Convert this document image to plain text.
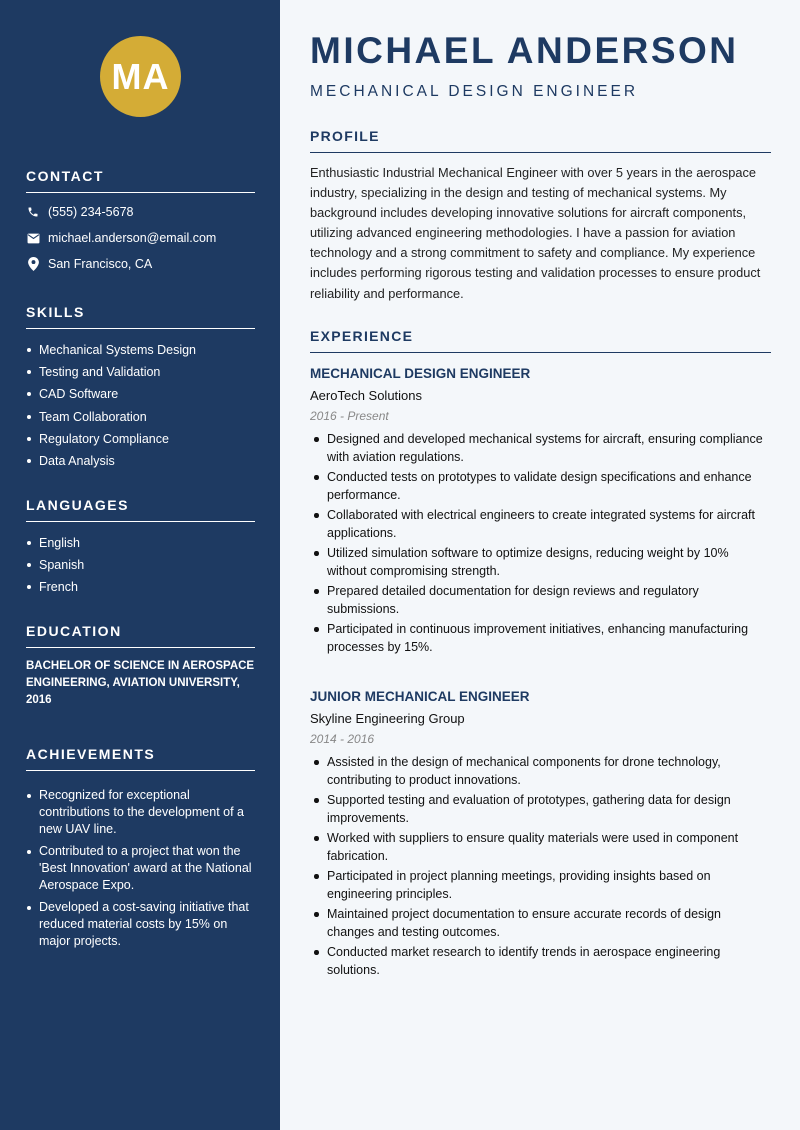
MA
CONTACT
(555) 234-5678
michael.anderson@email.com
San Francisco, CA
SKILLS
Mechanical Systems Design
Testing and Validation
CAD Software
Team Collaboration
Regulatory Compliance
Data Analysis
LANGUAGES
English
Spanish
French
EDUCATION

BACHELOR OF SCIENCE IN AEROSPACE ENGINEERING, AVIATION UNIVERSITY, 2016

ACHIEVEMENTS
Recognized for exceptional contributions to the development of a new UAV line.
Contributed to a project that won the 'Best Innovation' award at the National Aerospace Expo.
Developed a cost-saving initiative that reduced material costs by 15% on major projects.
MICHAEL ANDERSON
MECHANICAL DESIGN ENGINEER
PROFILE

Enthusiastic Industrial Mechanical Engineer with over 5 years in the aerospace industry, specializing in the design and testing of mechanical systems. My background includes developing innovative solutions for aircraft components, utilizing advanced engineering methodologies. I have a passion for aviation technology and a strong commitment to safety and compliance. My experience includes performing rigorous testing and validation processes to ensure product reliability and performance.

EXPERIENCE
MECHANICAL DESIGN ENGINEER
AeroTech Solutions
2016 - Present
Designed and developed mechanical systems for aircraft, ensuring compliance with aviation regulations.
Conducted tests on prototypes to validate design specifications and enhance performance.
Collaborated with electrical engineers to create integrated systems for aircraft applications.
Utilized simulation software to optimize designs, reducing weight by 10% without compromising strength.
Prepared detailed documentation for design reviews and regulatory submissions.
Participated in continuous improvement initiatives, enhancing manufacturing processes by 15%.
JUNIOR MECHANICAL ENGINEER
Skyline Engineering Group
2014 - 2016
Assisted in the design of mechanical components for drone technology, contributing to product innovations.
Supported testing and evaluation of prototypes, gathering data for design improvements.
Worked with suppliers to ensure quality materials were used in component fabrication.
Participated in project planning meetings, providing insights based on engineering principles.
Maintained project documentation to ensure accurate records of design changes and testing outcomes.
Conducted market research to identify trends in aerospace engineering solutions.
